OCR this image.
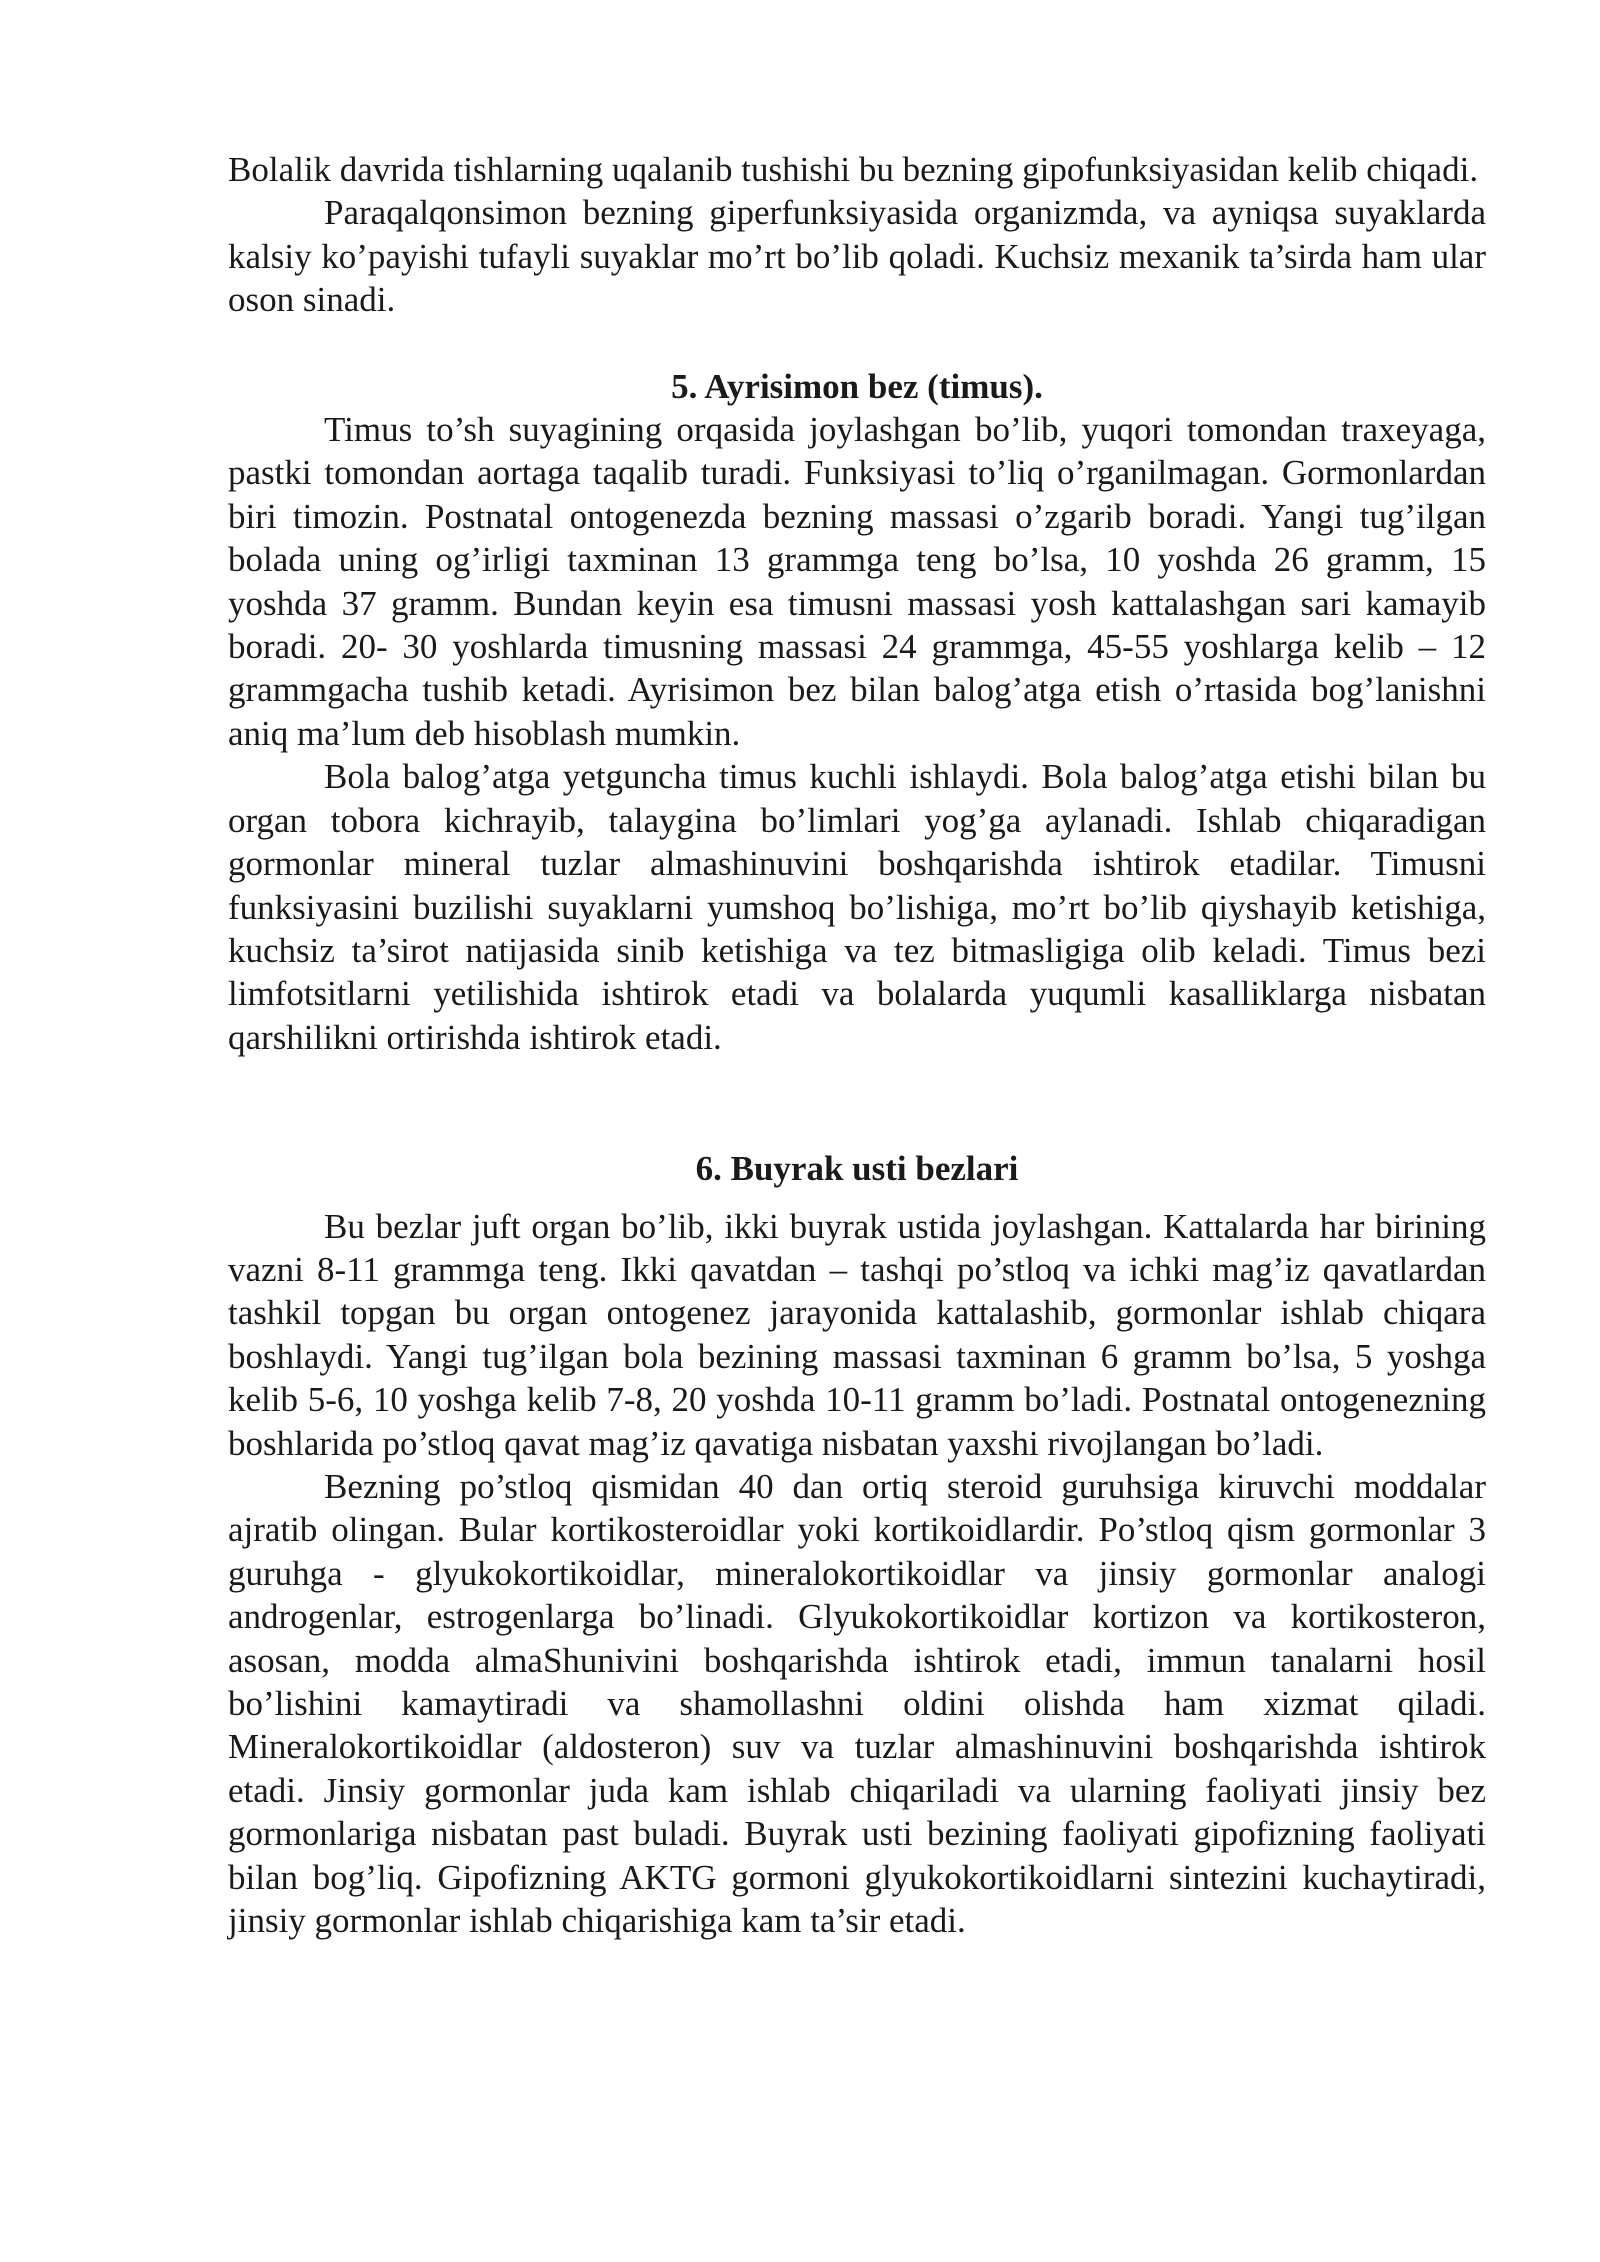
Bolalik davrida tishlarning uqalanib tushishi bu bezning gipofunksiyasidan kelib chiqadi.

Paraqalqonsimon bezning giperfunksiyasida organizmda, va ayniqsa suyaklarda kalsiy ko’payishi tufayli suyaklar mo’rt bo’lib qoladi. Kuchsiz mexanik ta’sirda ham ular oson sinadi.

5. Ayrisimon bez (timus).

Timus to’sh suyagining orqasida joylashgan bo’lib, yuqori tomondan traxeyaga, pastki tomondan aortaga taqalib turadi. Funksiyasi to’liq o’rganilmagan. Gormonlardan biri timozin. Postnatal ontogenezda bezning massasi o’zgarib boradi. Yangi tug’ilgan bolada uning og’irligi taxminan 13 grammga teng bo’lsa, 10 yoshda 26 gramm, 15 yoshda 37 gramm. Bundan keyin esa timusni massasi yosh kattalashgan sari kamayib boradi. 20- 30 yoshlarda timusning massasi 24 grammga, 45-55 yoshlarga kelib – 12 grammgacha tushib ketadi. Ayrisimon bez bilan balog’atga etish o’rtasida bog’lanishni aniq ma’lum deb hisoblash mumkin.

Bola balog’atga yetguncha timus kuchli ishlaydi. Bola balog’atga etishi bilan bu organ tobora kichrayib, talaygina bo’limlari yog’ga aylanadi. Ishlab chiqaradigan gormonlar mineral tuzlar almashinuvini boshqarishda ishtirok etadilar. Timusni funksiyasini buzilishi suyaklarni yumshoq bo’lishiga, mo’rt bo’lib qiyshayib ketishiga, kuchsiz ta’sirot natijasida sinib ketishiga va tez bitmasligiga olib keladi. Timus bezi limfotsitlarni yetilishida ishtirok etadi va bolalarda yuqumli kasalliklarga nisbatan qarshilikni ortirishda ishtirok etadi.

6. Buyrak usti bezlari

Bu bezlar juft organ bo’lib, ikki buyrak ustida joylashgan. Kattalarda har birining vazni 8-11 grammga teng. Ikki qavatdan – tashqi po’stloq va ichki mag’iz qavatlardan tashkil topgan bu organ ontogenez jarayonida kattalashib, gormonlar ishlab chiqara boshlaydi. Yangi tug’ilgan bola bezining massasi taxminan 6 gramm bo’lsa, 5 yoshga kelib 5-6, 10 yoshga kelib 7-8, 20 yoshda 10-11 gramm bo’ladi. Postnatal ontogenezning boshlarida po’stloq qavat mag’iz qavatiga nisbatan yaxshi rivojlangan bo’ladi.

Bezning po’stloq qismidan 40 dan ortiq steroid guruhsiga kiruvchi moddalar ajratib olingan. Bular kortikosteroidlar yoki kortikoidlardir. Po’stloq qism gormonlar 3 guruhga - glyukokortikoidlar, mineralokortikoidlar va jinsiy gormonlar analogi androgenlar, estrogenlarga bo’linadi. Glyukokortikoidlar kortizon va kortikosteron, asosan, modda almaShunivini boshqarishda ishtirok etadi, immun tanalarni hosil bo’lishini kamaytiradi va shamollashni oldini olishda ham xizmat qiladi. Mineralokortikoidlar (aldosteron) suv va tuzlar almashinuvini boshqarishda ishtirok etadi. Jinsiy gormonlar juda kam ishlab chiqariladi va ularning faoliyati jinsiy bez gormonlariga nisbatan past buladi. Buyrak usti bezining faoliyati gipofizning faoliyati bilan bog’liq. Gipofizning AKTG gormoni glyukokortikoidlarni sintezini kuchaytiradi, jinsiy gormonlar ishlab chiqarishiga kam ta’sir etadi.
